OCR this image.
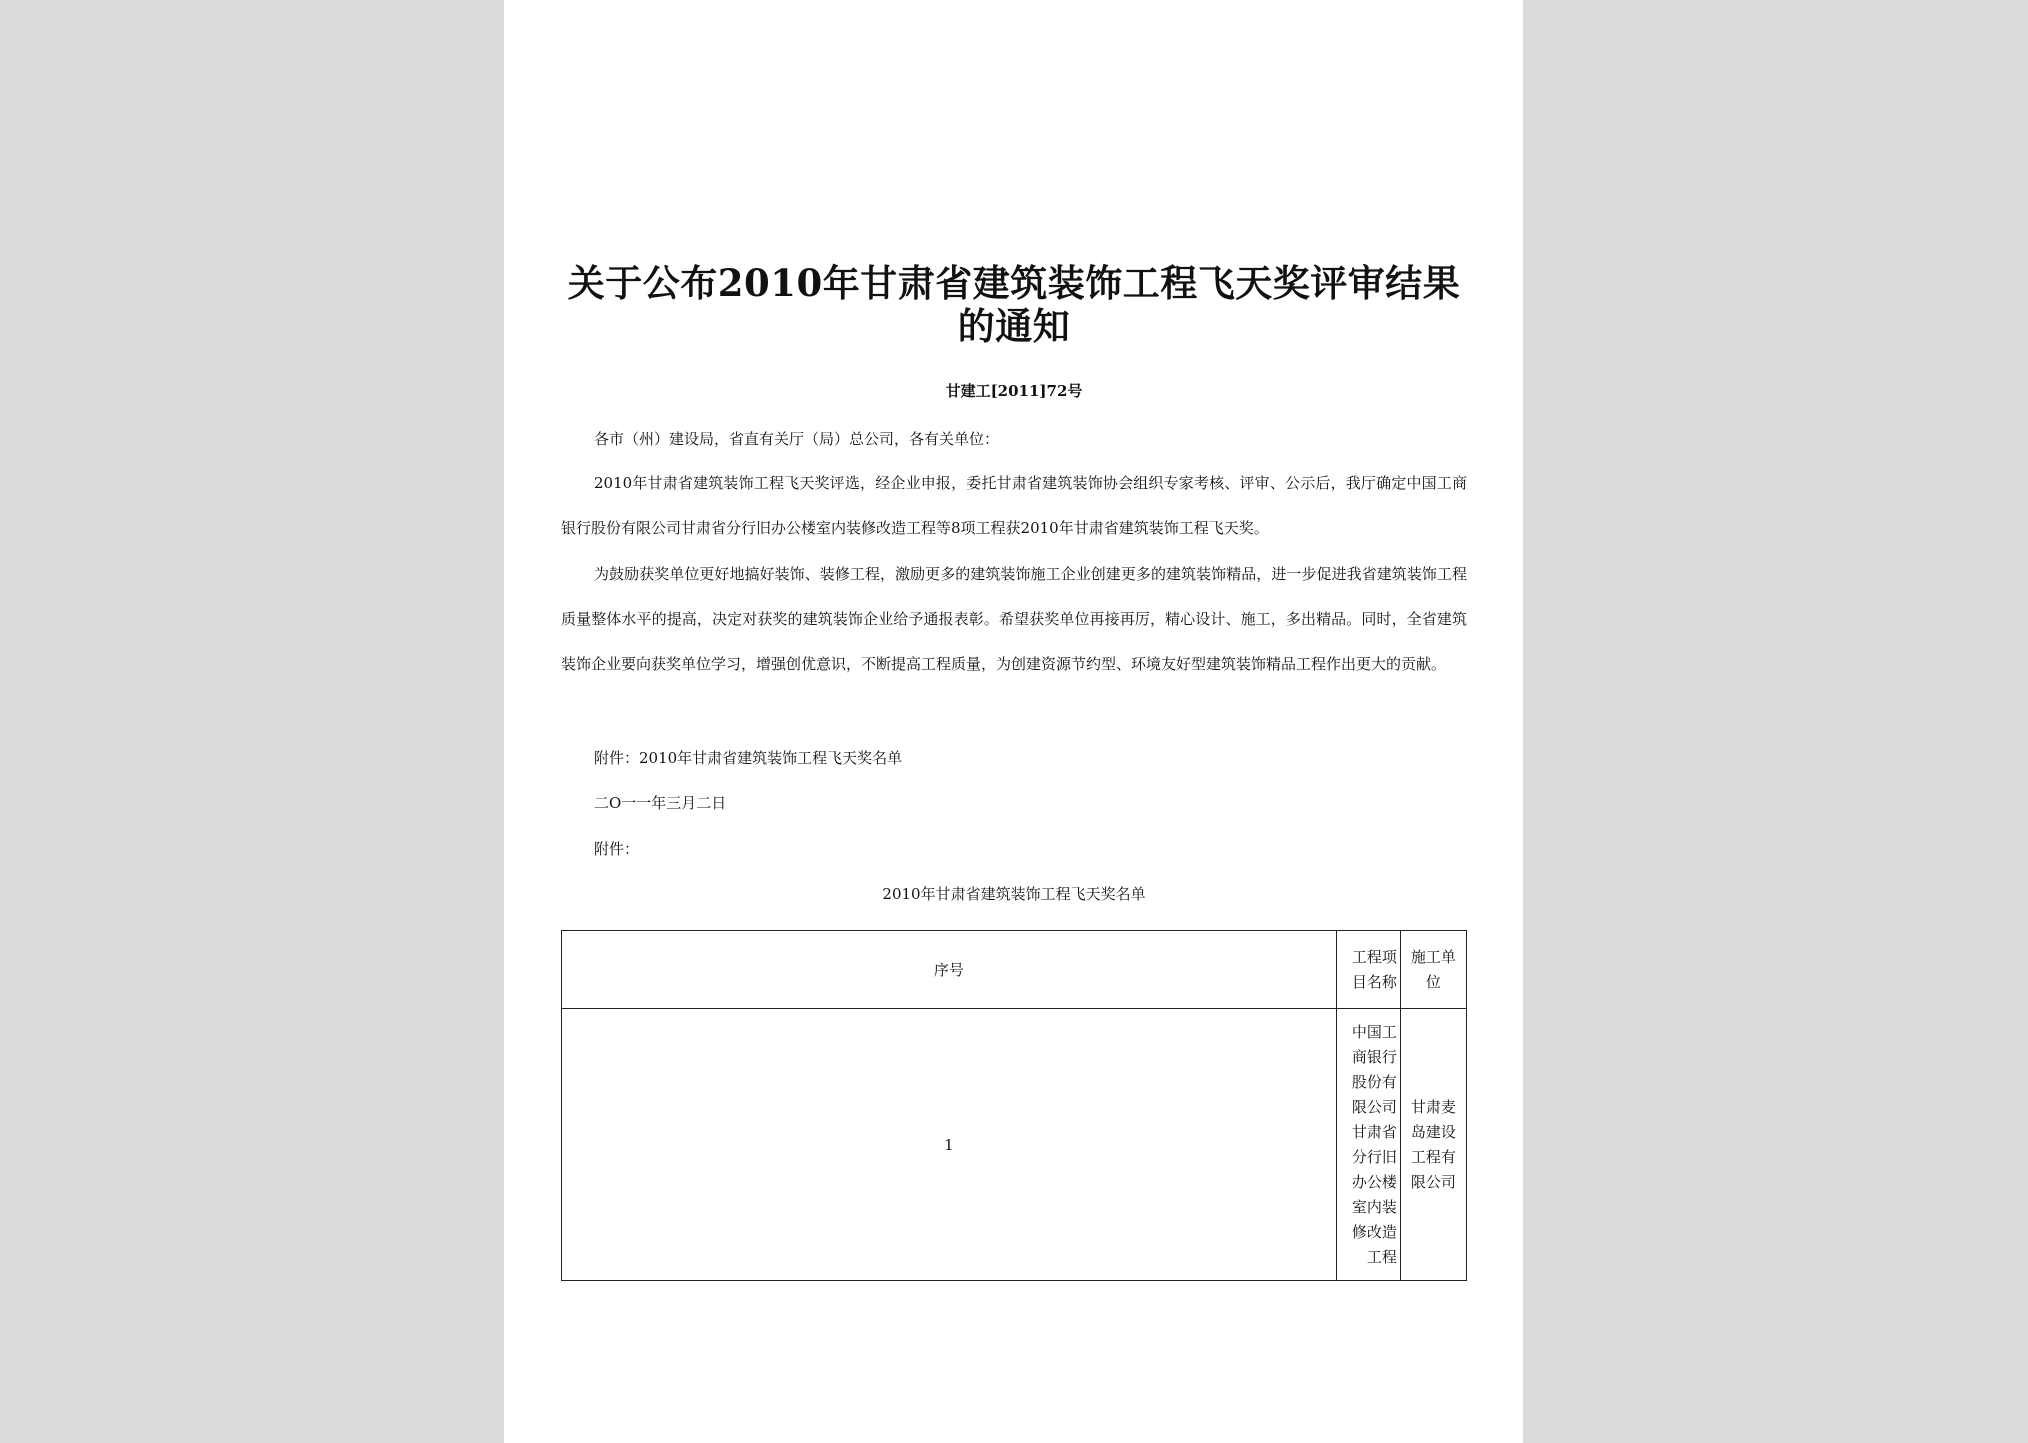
关于公布2010年甘肃省建筑装饰工程飞天奖评审结果的通知
甘建工[2011]72号
各市（州）建设局，省直有关厅（局）总公司，各有关单位：
2010年甘肃省建筑装饰工程飞天奖评选，经企业申报，委托甘肃省建筑装饰协会组织专家考核、评审、公示后，我厅确定中国工商银行股份有限公司甘肃省分行旧办公楼室内装修改造工程等8项工程获2010年甘肃省建筑装饰工程飞天奖。
为鼓励获奖单位更好地搞好装饰、装修工程，激励更多的建筑装饰施工企业创建更多的建筑装饰精品，进一步促进我省建筑装饰工程质量整体水平的提高，决定对获奖的建筑装饰企业给予通报表彰。希望获奖单位再接再厉，精心设计、施工，多出精品。同时，全省建筑装饰企业要向获奖单位学习，增强创优意识，不断提高工程质量，为创建资源节约型、环境友好型建筑装饰精品工程作出更大的贡献。
附件：2010年甘肃省建筑装饰工程飞天奖名单
二O一一年三月二日
附件：
2010年甘肃省建筑装饰工程飞天奖名单
序号	工程项目名称	施工单位
1	中国工商银行股份有限公司甘肃省分行旧办公楼室内装修改造工程	甘肃麦岛建设工程有限公司
